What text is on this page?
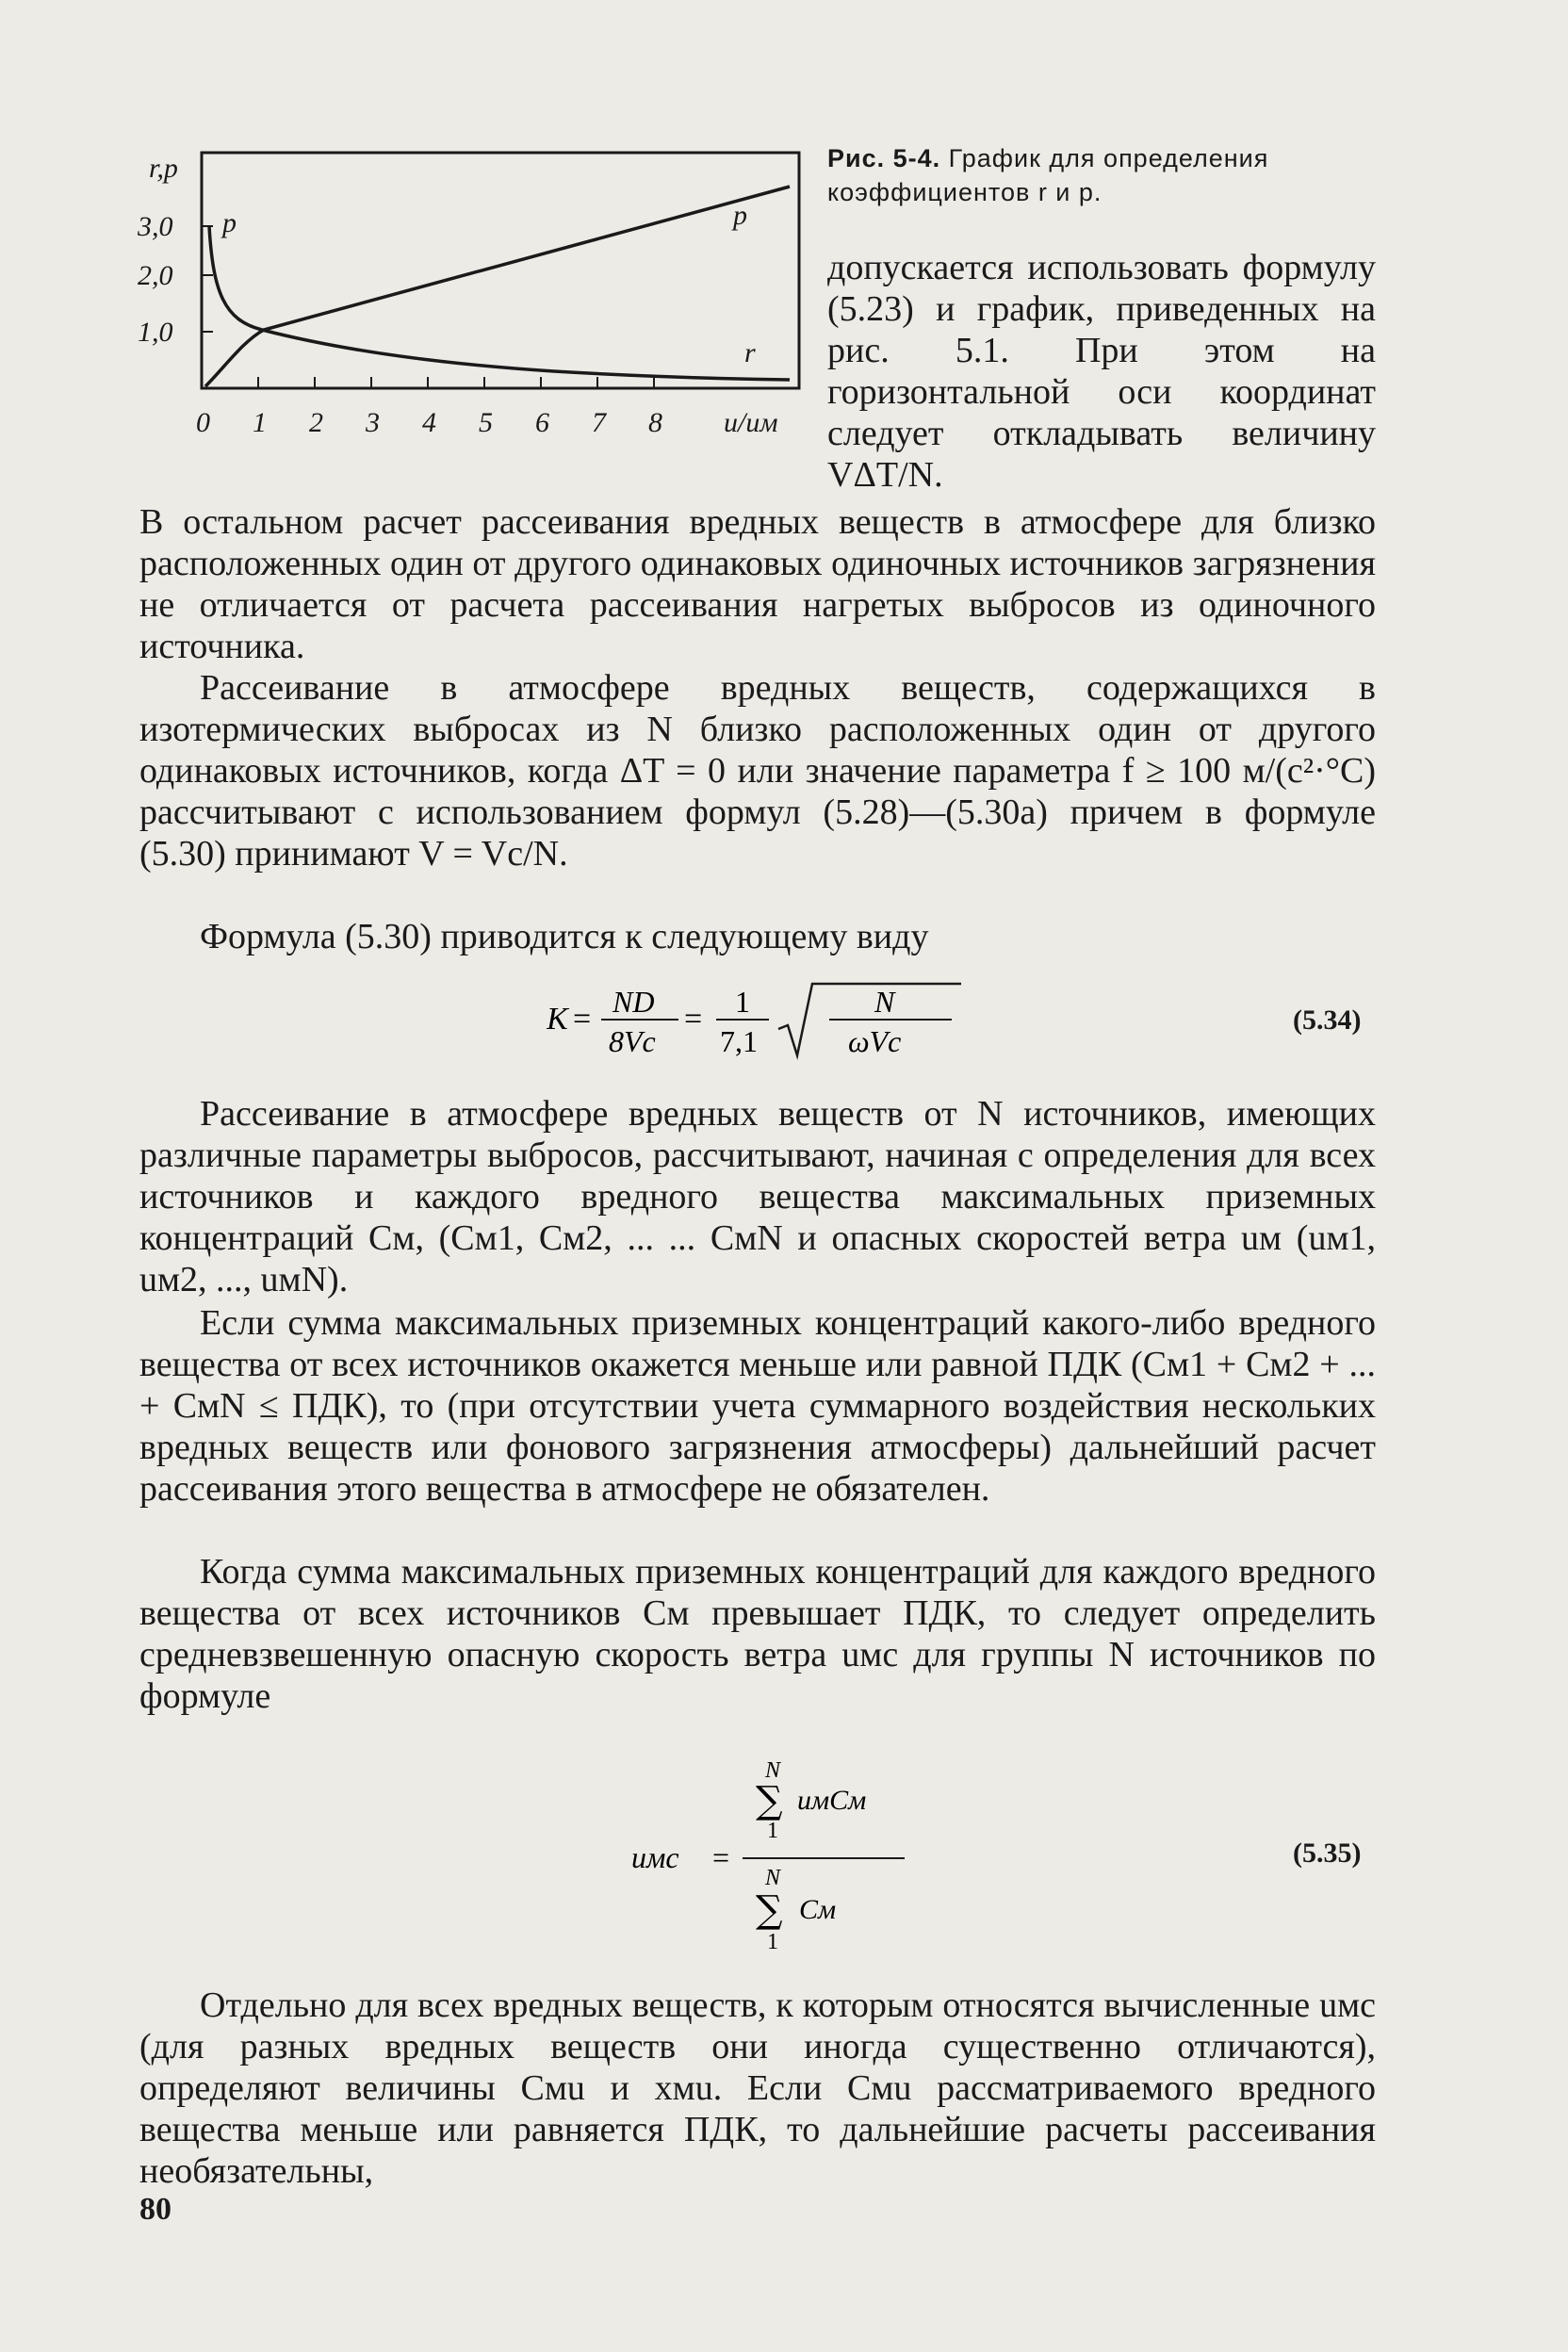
r,p
3,0
2,0
1,0
p	p
r
0 1 2 3 4 5 6 7 8 u/uм
Рис. 5-4. График для определения коэффициентов r и p.
допускается использовать формулу (5.23) и график, приведенных на рис. 5.1. При этом на горизонтальной оси координат следует откладывать величину VΔT/N.
В остальном расчет рассеивания вредных веществ в атмосфере для близко расположенных один от другого одинаковых одиночных источников загрязнения не отличается от расчета рассеивания нагретых выбросов из одиночного источника.
Рассеивание в атмосфере вредных веществ, содержащихся в изотермических выбросах из N близко расположенных один от другого одинаковых источников, когда ΔT = 0 или значение параметра f ≥ 100 м/(с²·°С) рассчитывают с использованием формул (5.28)—(5.30а) причем в формуле (5.30) принимают V = Vс/N.
Формула (5.30) приводится к следующему виду
K = ND
8Vс
= 1
7,1
N
ωVс
(5.34)
Рассеивание в атмосфере вредных веществ от N источников, имеющих различные параметры выбросов, рассчитывают, начиная с определения для всех источников и каждого вредного вещества максимальных приземных концентраций Cм, (Cм1, Cм2, ... ... CмN и опасных скоростей ветра uм (uм1, uм2, ..., uмN).
Если сумма максимальных приземных концентраций какого-либо вредного вещества от всех источников окажется меньше или равной ПДК (Cм1 + Cм2 + ... + CмN ≤ ПДК), то (при отсутствии учета суммарного воздействия нескольких вредных веществ или фонового загрязнения атмосферы) дальнейший расчет рассеивания этого вещества в атмосфере не обязателен.
Когда сумма максимальных приземных концентраций для каждого вредного вещества от всех источников Cм превышает ПДК, то следует определить средневзвешенную опасную скорость ветра uмс для группы N источников по формуле
uмс =
N
∑
1
uмCм
N
∑
1
Cм
(5.35)
Отдельно для всех вредных веществ, к которым относятся вычисленные uмс (для разных вредных веществ они иногда существенно отличаются), определяют величины Cмu и xмu. Если Cмu рассматриваемого вредного вещества меньше или равняется ПДК, то дальнейшие расчеты рассеивания необязательны,
80
